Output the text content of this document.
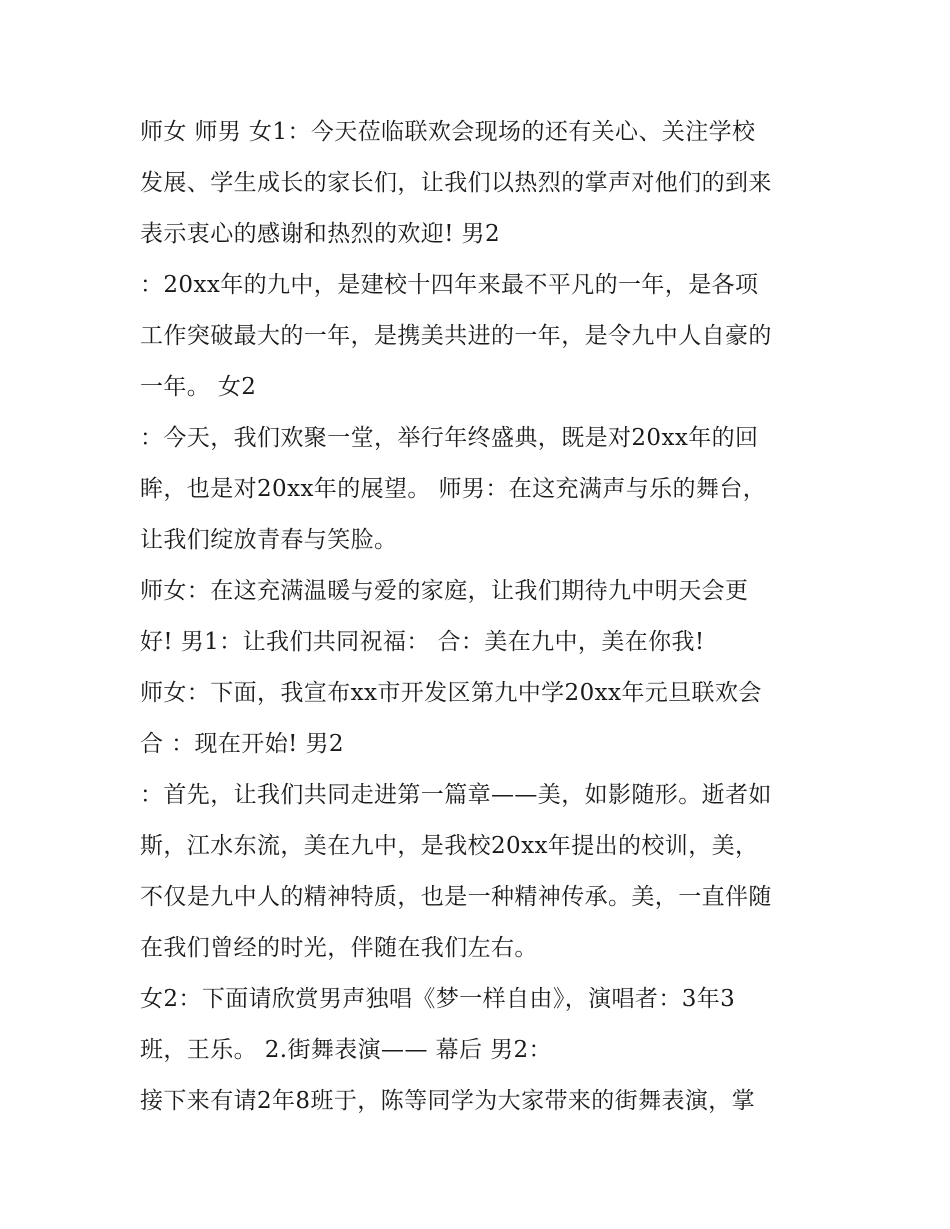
师女 师男 女1：今天莅临联欢会现场的还有关心、关注学校
发展、学生成长的家长们，让我们以热烈的掌声对他们的到来
表示衷心的感谢和热烈的欢迎! 男2
：20xx年的九中，是建校十四年来最不平凡的一年，是各项
工作突破最大的一年，是携美共进的一年，是令九中人自豪的
一年。 女2
：今天，我们欢聚一堂，举行年终盛典，既是对20xx年的回
眸，也是对20xx年的展望。 师男：在这充满声与乐的舞台，
让我们绽放青春与笑脸。
师女：在这充满温暖与爱的家庭，让我们期待九中明天会更
好! 男1：让我们共同祝福： 合：美在九中，美在你我!
师女：下面，我宣布xx市开发区第九中学20xx年元旦联欢会
合 ：现在开始! 男2
：首先，让我们共同走进第一篇章——美，如影随形。逝者如
斯，江水东流，美在九中，是我校20xx年提出的校训，美，
不仅是九中人的精神特质，也是一种精神传承。美，一直伴随
在我们曾经的时光，伴随在我们左右。
女2：下面请欣赏男声独唱《梦一样自由》，演唱者：3年3
班，王乐。 2.街舞表演—— 幕后 男2：
接下来有请2年8班于，陈等同学为大家带来的街舞表演，掌
